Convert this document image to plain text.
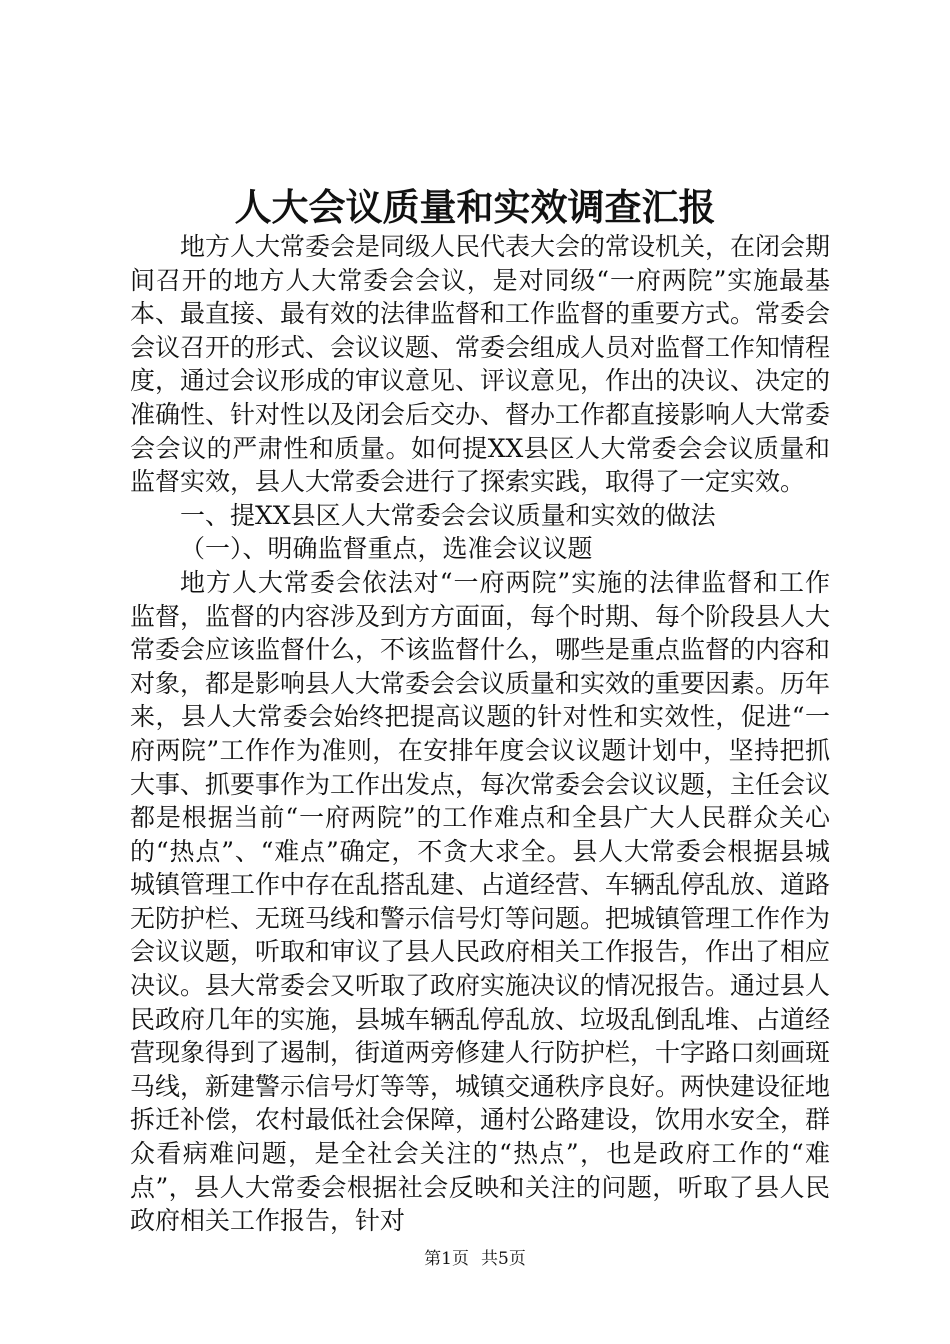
人大会议质量和实效调查汇报

地方人大常委会是同级人民代表大会的常设机关，在闭会期间召开的地方人大常委会会议，是对同级“一府两院”实施最基本、最直接、最有效的法律监督和工作监督的重要方式。常委会会议召开的形式、会议议题、常委会组成人员对监督工作知情程度，通过会议形成的审议意见、评议意见，作出的决议、决定的准确性、针对性以及闭会后交办、督办工作都直接影响人大常委会会议的严肃性和质量。如何提XX县区人大常委会会议质量和监督实效，县人大常委会进行了探索实践，取得了一定实效。

一、提XX县区人大常委会会议质量和实效的做法

（一）、明确监督重点，选准会议议题

地方人大常委会依法对“一府两院”实施的法律监督和工作监督，监督的内容涉及到方方面面，每个时期、每个阶段县人大常委会应该监督什么，不该监督什么，哪些是重点监督的内容和对象，都是影响县人大常委会会议质量和实效的重要因素。历年来，县人大常委会始终把提高议题的针对性和实效性，促进“一府两院”工作作为准则，在安排年度会议议题计划中，坚持把抓大事、抓要事作为工作出发点，每次常委会会议议题，主任会议都是根据当前“一府两院”的工作难点和全县广大人民群众关心的“热点”、“难点”确定，不贪大求全。县人大常委会根据县城城镇管理工作中存在乱搭乱建、占道经营、车辆乱停乱放、道路无防护栏、无斑马线和警示信号灯等问题。把城镇管理工作作为会议议题，听取和审议了县人民政府相关工作报告，作出了相应决议。县大常委会又听取了政府实施决议的情况报告。通过县人民政府几年的实施，县城车辆乱停乱放、垃圾乱倒乱堆、占道经营现象得到了遏制，街道两旁修建人行防护栏，十字路口刻画斑马线，新建警示信号灯等等，城镇交通秩序良好。两快建设征地拆迁补偿，农村最低社会保障，通村公路建设，饮用水安全，群众看病难问题，是全社会关注的“热点”，也是政府工作的“难点”，县人大常委会根据社会反映和关注的问题，听取了县人民政府相关工作报告，针对

第1页 共5页
